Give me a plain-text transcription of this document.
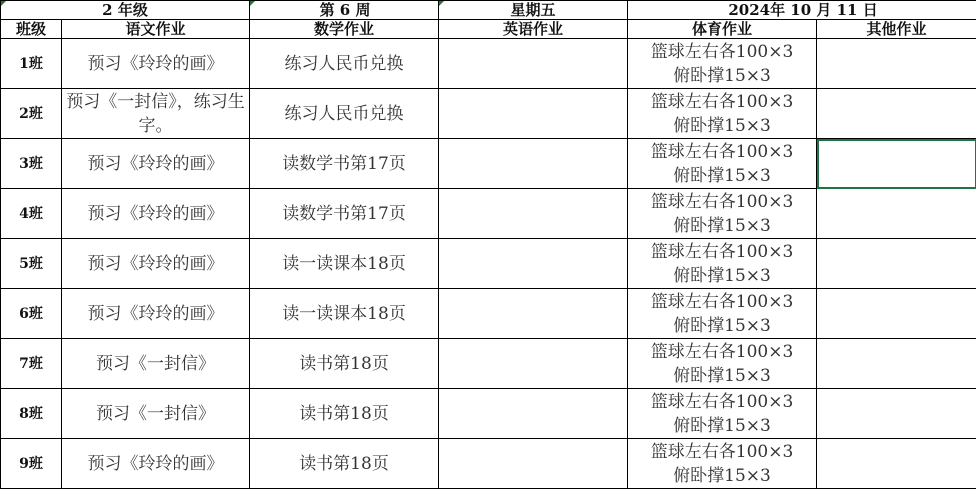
2 年级		第 6 周	星期五	2024年 10 月 11 日	
班级	语文作业	数学作业	英语作业	体育作业	其他作业
1班	预习《玲玲的画》	练习人民币兑换		篮球左右各100×3
俯卧撑15×3	

2班	预习《一封信》，练习生字。	练习人民币兑换		篮球左右各100×3
俯卧撑15×3	

3班	预习《玲玲的画》	读数学书第17页		篮球左右各100×3
俯卧撑15×3	

4班	预习《玲玲的画》	读数学书第17页		篮球左右各100×3
俯卧撑15×3	

5班	预习《玲玲的画》	读一读课本18页		篮球左右各100×3
俯卧撑15×3	

6班	预习《玲玲的画》	读一读课本18页		篮球左右各100×3
俯卧撑15×3	

7班	预习《一封信》	读书第18页		篮球左右各100×3
俯卧撑15×3	

8班	预习《一封信》	读书第18页		篮球左右各100×3
俯卧撑15×3	

9班	预习《玲玲的画》	读书第18页		篮球左右各100×3
俯卧撑15×3	
